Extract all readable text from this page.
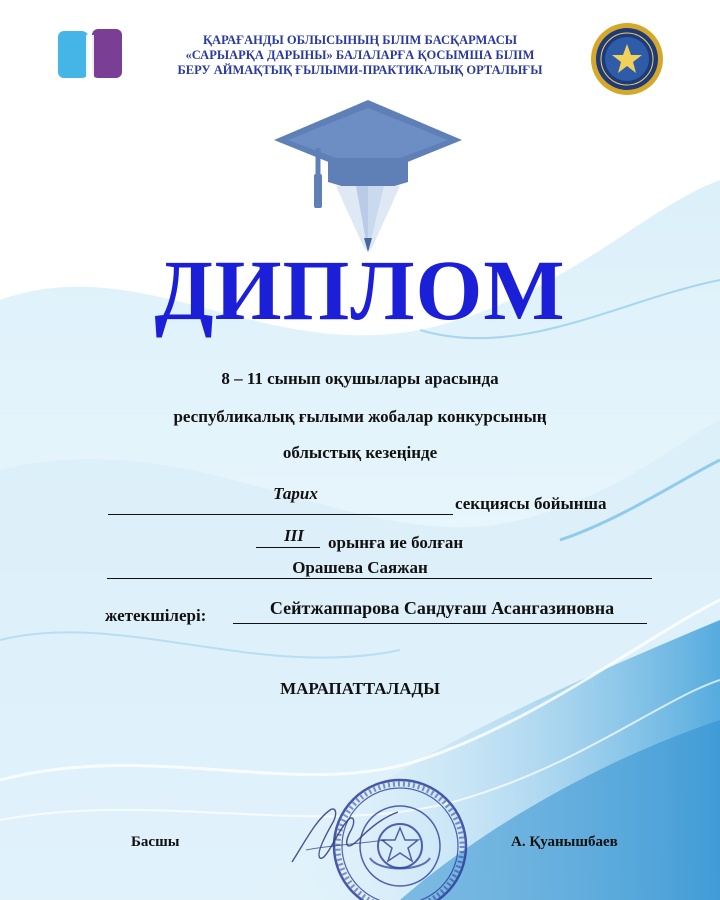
ҚАРАҒАНДЫ ОБЛЫСЫНЫҢ БІЛІМ БАСҚАРМАСЫ
«САРЫАРҚА ДАРЫНЫ» БАЛАЛАРҒА ҚОСЫМША БІЛІМ
БЕРУ АЙМАҚТЫҚ ҒЫЛЫМИ-ПРАКТИКАЛЫҚ ОРТАЛЫҒЫ
ДИПЛОМ
8 – 11 сынып оқушылары арасында
республикалық ғылыми жобалар конкурсының
облыстық кезеңінде
Тарих
секциясы бойынша
ІІІ	орынға ие болған
Орашева Саяжан
жетекшілері:	Сейтжаппарова Сандуғаш Асангазиновна
МАРАПАТТАЛАДЫ
Басшы	А. Қуанышбаев
